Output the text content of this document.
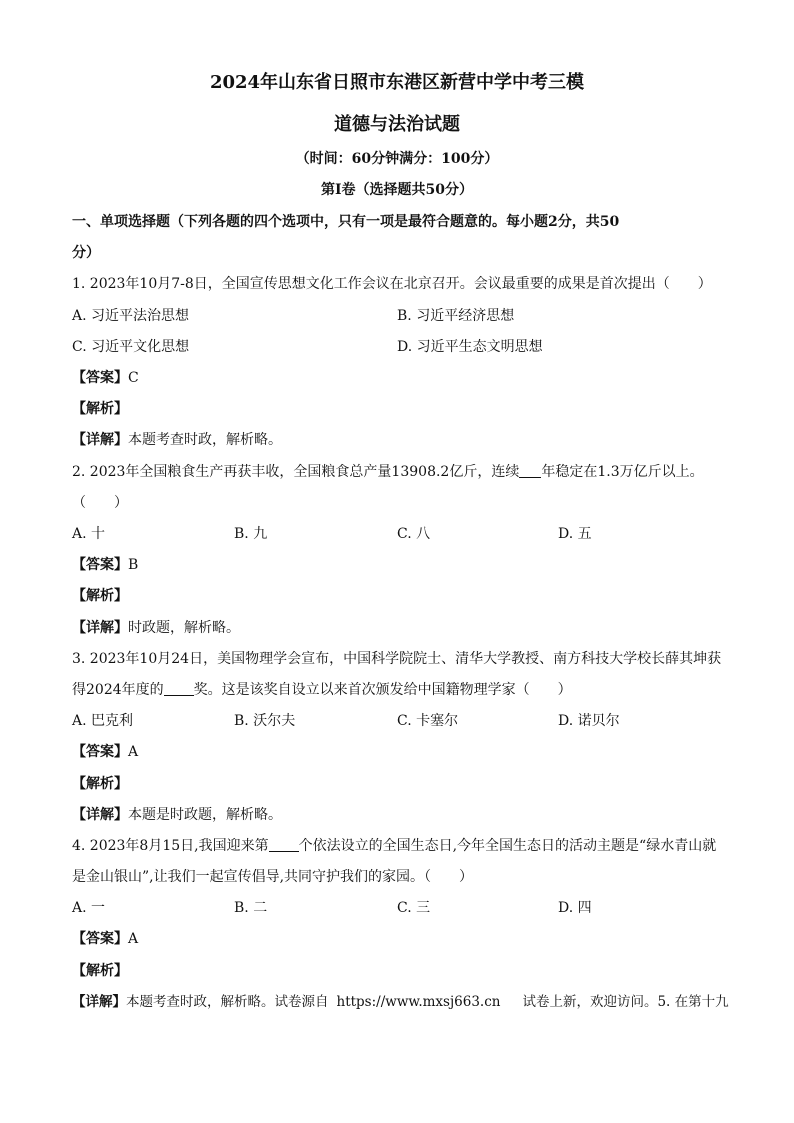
2024年山东省日照市东港区新营中学中考三模
道德与法治试题
（时间：60分钟满分：100分）
第Ⅰ卷（选择题共50分）
一、单项选择题（下列各题的四个选项中，只有一项是最符合题意的。每小题2分，共50
分）
1. 2023年10月7-8日，全国宣传思想文化工作会议在北京召开。会议最重要的成果是首次提出（　　）
A. 习近平法治思想	B. 习近平经济思想
C. 习近平文化思想	D. 习近平生态文明思想
【答案】C
【解析】
【详解】本题考查时政，解析略。
2. 2023年全国粮食生产再获丰收，全国粮食总产量13908.2亿斤，连续 年稳定在1.3万亿斤以上。
（　　）
A. 十	B. 九	C. 八	D. 五
【答案】B
【解析】
【详解】时政题，解析略。
3. 2023年10月24日，美国物理学会宣布，中国科学院院士、清华大学教授、南方科技大学校长薛其坤获
得2024年度的 奖。这是该奖自设立以来首次颁发给中国籍物理学家（　　）
A. 巴克利	B. 沃尔夫	C. 卡塞尔	D. 诺贝尔
【答案】A
【解析】
【详解】本题是时政题，解析略。
4. 2023年8月15日,我国迎来第 个依法设立的全国生态日,今年全国生态日的活动主题是“绿水青山就
是金山银山”,让我们一起宣传倡导,共同守护我们的家园。（　　）
A. 一	B. 二	C. 三	D. 四
【答案】A
【解析】
【详解】本题考查时政，解析略。试卷源自 https://www.mxsj663.cn 试卷上新，欢迎访问。5. 在第十九
